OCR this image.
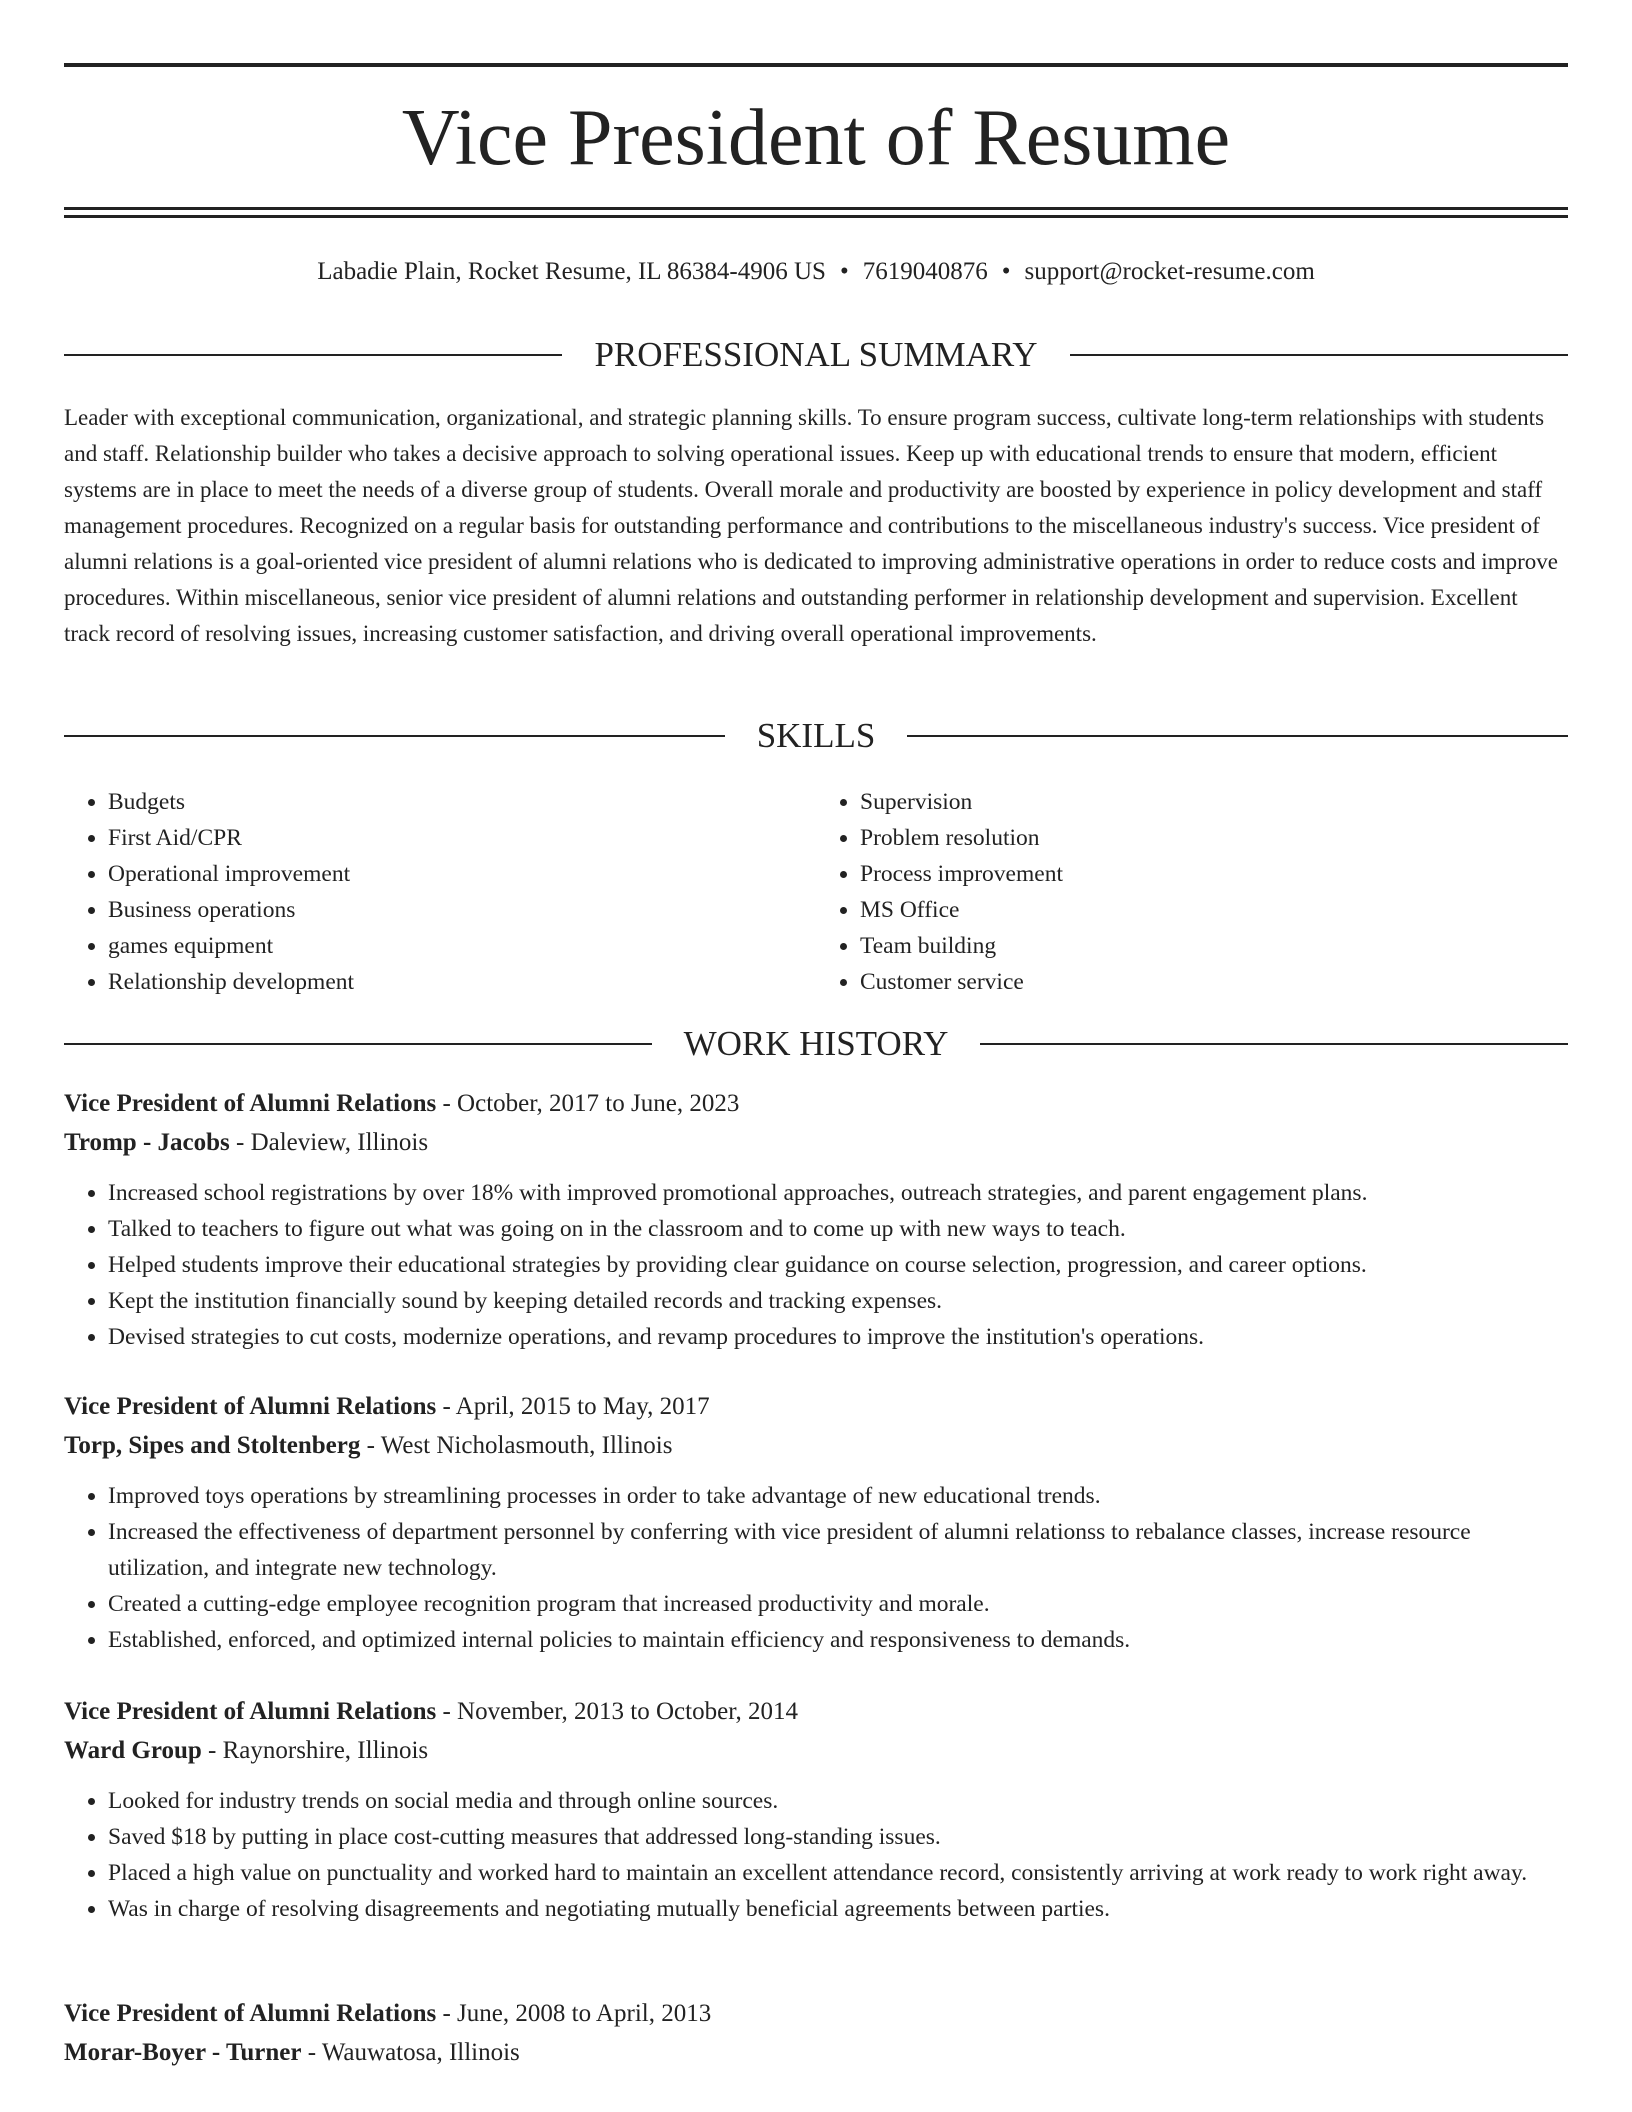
Vice President of Resume
Labadie Plain, Rocket Resume, IL 86384-4906 US • 7619040876 • support@rocket-resume.com
PROFESSIONAL SUMMARY

Leader with exceptional communication, organizational, and strategic planning skills. To ensure program success, cultivate long-term relationships with students and staff. Relationship builder who takes a decisive approach to solving operational issues. Keep up with educational trends to ensure that modern, efficient systems are in place to meet the needs of a diverse group of students. Overall morale and productivity are boosted by experience in policy development and staff management procedures. Recognized on a regular basis for outstanding performance and contributions to the miscellaneous industry's success. Vice president of alumni relations is a goal-oriented vice president of alumni relations who is dedicated to improving administrative operations in order to reduce costs and improve procedures. Within miscellaneous, senior vice president of alumni relations and outstanding performer in relationship development and supervision. Excellent track record of resolving issues, increasing customer satisfaction, and driving overall operational improvements.

SKILLS
• Budgets
• First Aid/CPR
• Operational improvement
• Business operations
• games equipment
• Relationship development
• Supervision
• Problem resolution
• Process improvement
• MS Office
• Team building
• Customer service
WORK HISTORY
Vice President of Alumni Relations - October, 2017 to June, 2023
Tromp - Jacobs - Daleview, Illinois
• Increased school registrations by over 18% with improved promotional approaches, outreach strategies, and parent engagement plans.
• Talked to teachers to figure out what was going on in the classroom and to come up with new ways to teach.
• Helped students improve their educational strategies by providing clear guidance on course selection, progression, and career options.
• Kept the institution financially sound by keeping detailed records and tracking expenses.
• Devised strategies to cut costs, modernize operations, and revamp procedures to improve the institution's operations.
Vice President of Alumni Relations - April, 2015 to May, 2017
Torp, Sipes and Stoltenberg - West Nicholasmouth, Illinois
• Improved toys operations by streamlining processes in order to take advantage of new educational trends.
• Increased the effectiveness of department personnel by conferring with vice president of alumni relationss to rebalance classes, increase resource utilization, and integrate new technology.
• Created a cutting-edge employee recognition program that increased productivity and morale.
• Established, enforced, and optimized internal policies to maintain efficiency and responsiveness to demands.
Vice President of Alumni Relations - November, 2013 to October, 2014
Ward Group - Raynorshire, Illinois
• Looked for industry trends on social media and through online sources.
• Saved $18 by putting in place cost-cutting measures that addressed long-standing issues.
• Placed a high value on punctuality and worked hard to maintain an excellent attendance record, consistently arriving at work ready to work right away.
• Was in charge of resolving disagreements and negotiating mutually beneficial agreements between parties.
Vice President of Alumni Relations - June, 2008 to April, 2013
Morar-Boyer - Turner - Wauwatosa, Illinois
